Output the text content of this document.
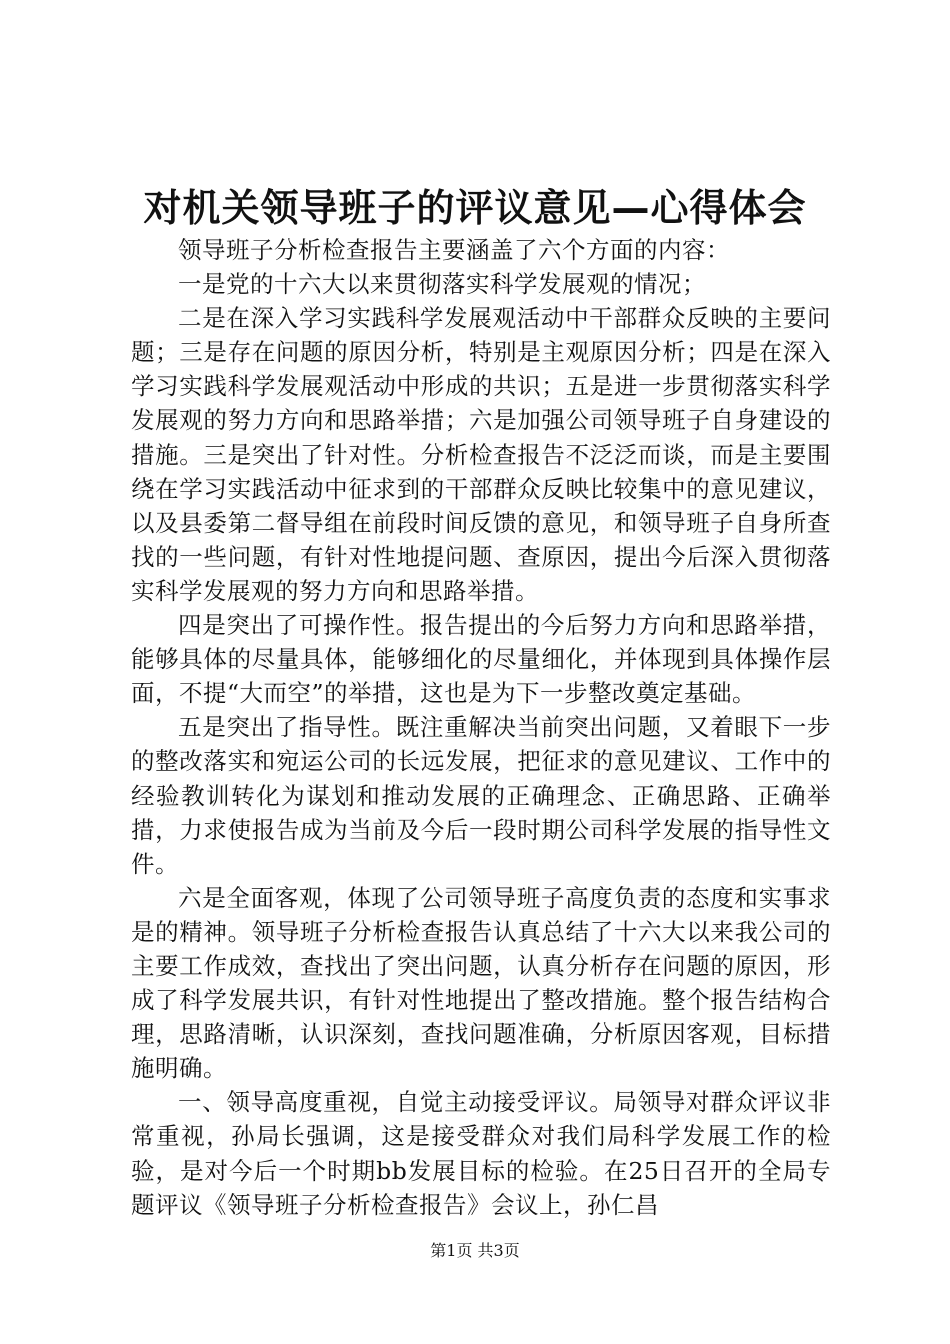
对机关领导班子的评议意见—心得体会

领导班子分析检查报告主要涵盖了六个方面的内容：

一是党的十六大以来贯彻落实科学发展观的情况；

二是在深入学习实践科学发展观活动中干部群众反映的主要问题；三是存在问题的原因分析，特别是主观原因分析；四是在深入学习实践科学发展观活动中形成的共识；五是进一步贯彻落实科学发展观的努力方向和思路举措；六是加强公司领导班子自身建设的措施。三是突出了针对性。分析检查报告不泛泛而谈，而是主要围绕在学习实践活动中征求到的干部群众反映比较集中的意见建议，以及县委第二督导组在前段时间反馈的意见，和领导班子自身所查找的一些问题，有针对性地提问题、查原因，提出今后深入贯彻落实科学发展观的努力方向和思路举措。

四是突出了可操作性。报告提出的今后努力方向和思路举措，能够具体的尽量具体，能够细化的尽量细化，并体现到具体操作层面，不提“大而空”的举措，这也是为下一步整改奠定基础。

五是突出了指导性。既注重解决当前突出问题，又着眼下一步的整改落实和宛运公司的长远发展，把征求的意见建议、工作中的经验教训转化为谋划和推动发展的正确理念、正确思路、正确举措，力求使报告成为当前及今后一段时期公司科学发展的指导性文件。

六是全面客观，体现了公司领导班子高度负责的态度和实事求是的精神。领导班子分析检查报告认真总结了十六大以来我公司的主要工作成效，查找出了突出问题，认真分析存在问题的原因，形成了科学发展共识，有针对性地提出了整改措施。整个报告结构合理，思路清晰，认识深刻，查找问题准确，分析原因客观，目标措施明确。

一、领导高度重视，自觉主动接受评议。局领导对群众评议非常重视，孙局长强调，这是接受群众对我们局科学发展工作的检验，是对今后一个时期bb发展目标的检验。在25日召开的全局专题评议《领导班子分析检查报告》会议上，孙仁昌

第1页 共3页
